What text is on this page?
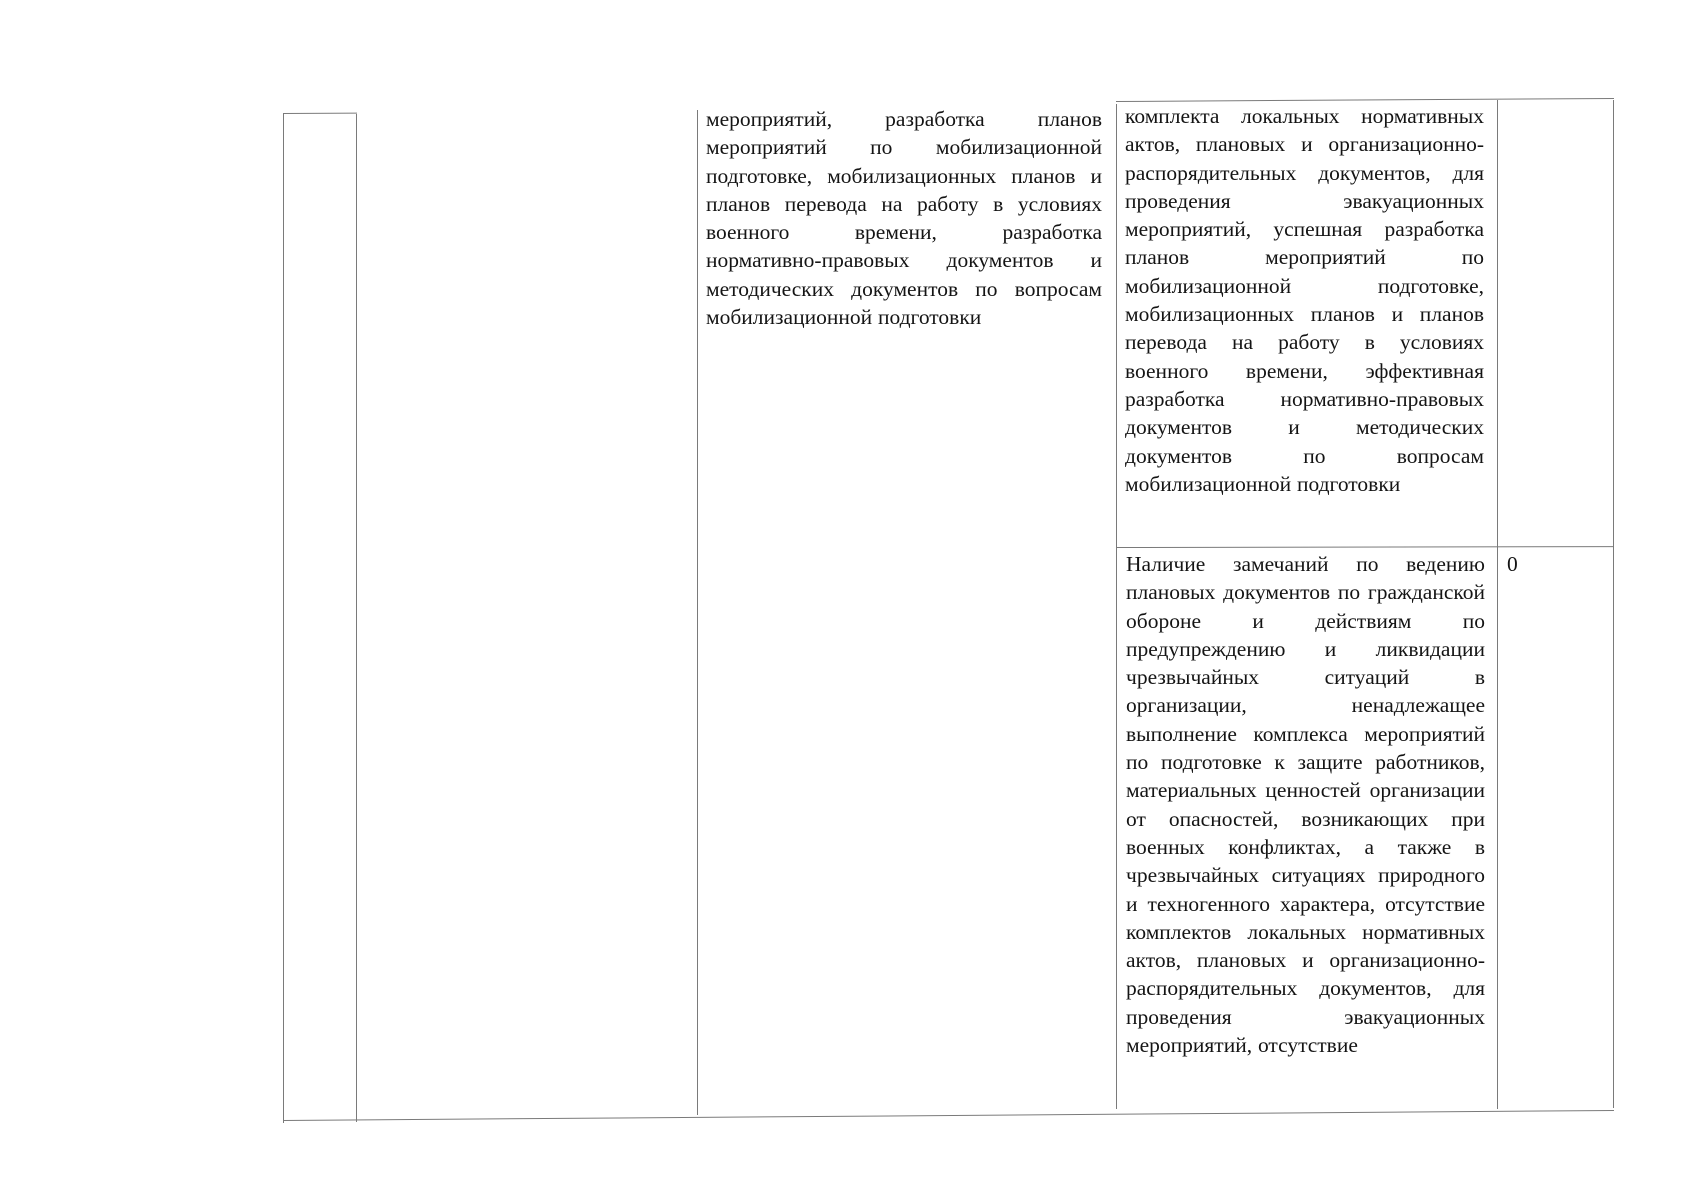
мероприятий, разработка планов мероприятий по мобилизационной подготовке, мобилизационных планов и планов перевода на работу в условиях военного времени, разработка нормативно-правовых документов и методических документов по вопросам мобилизационной подготовки
комплекта локальных нормативных актов, плановых и организационно-распорядительных документов, для проведения эвакуационных мероприятий, успешная разработка планов мероприятий по мобилизационной подготовке, мобилизационных планов и планов перевода на работу в условиях военного времени, эффективная разработка нормативно-правовых документов и методических документов по вопросам мобилизационной подготовки
Наличие замечаний по ведению плановых документов по гражданской обороне и действиям по предупреждению и ликвидации чрезвычайных ситуаций в организации, ненадлежащее выполнение комплекса мероприятий по подготовке к защите работников, материальных ценностей организации от опасностей, возникающих при военных конфликтах, а также в чрезвычайных ситуациях природного и техногенного характера, отсутствие комплектов локальных нормативных актов, плановых и организационно-распорядительных документов, для проведения эвакуационных мероприятий, отсутствие
0
